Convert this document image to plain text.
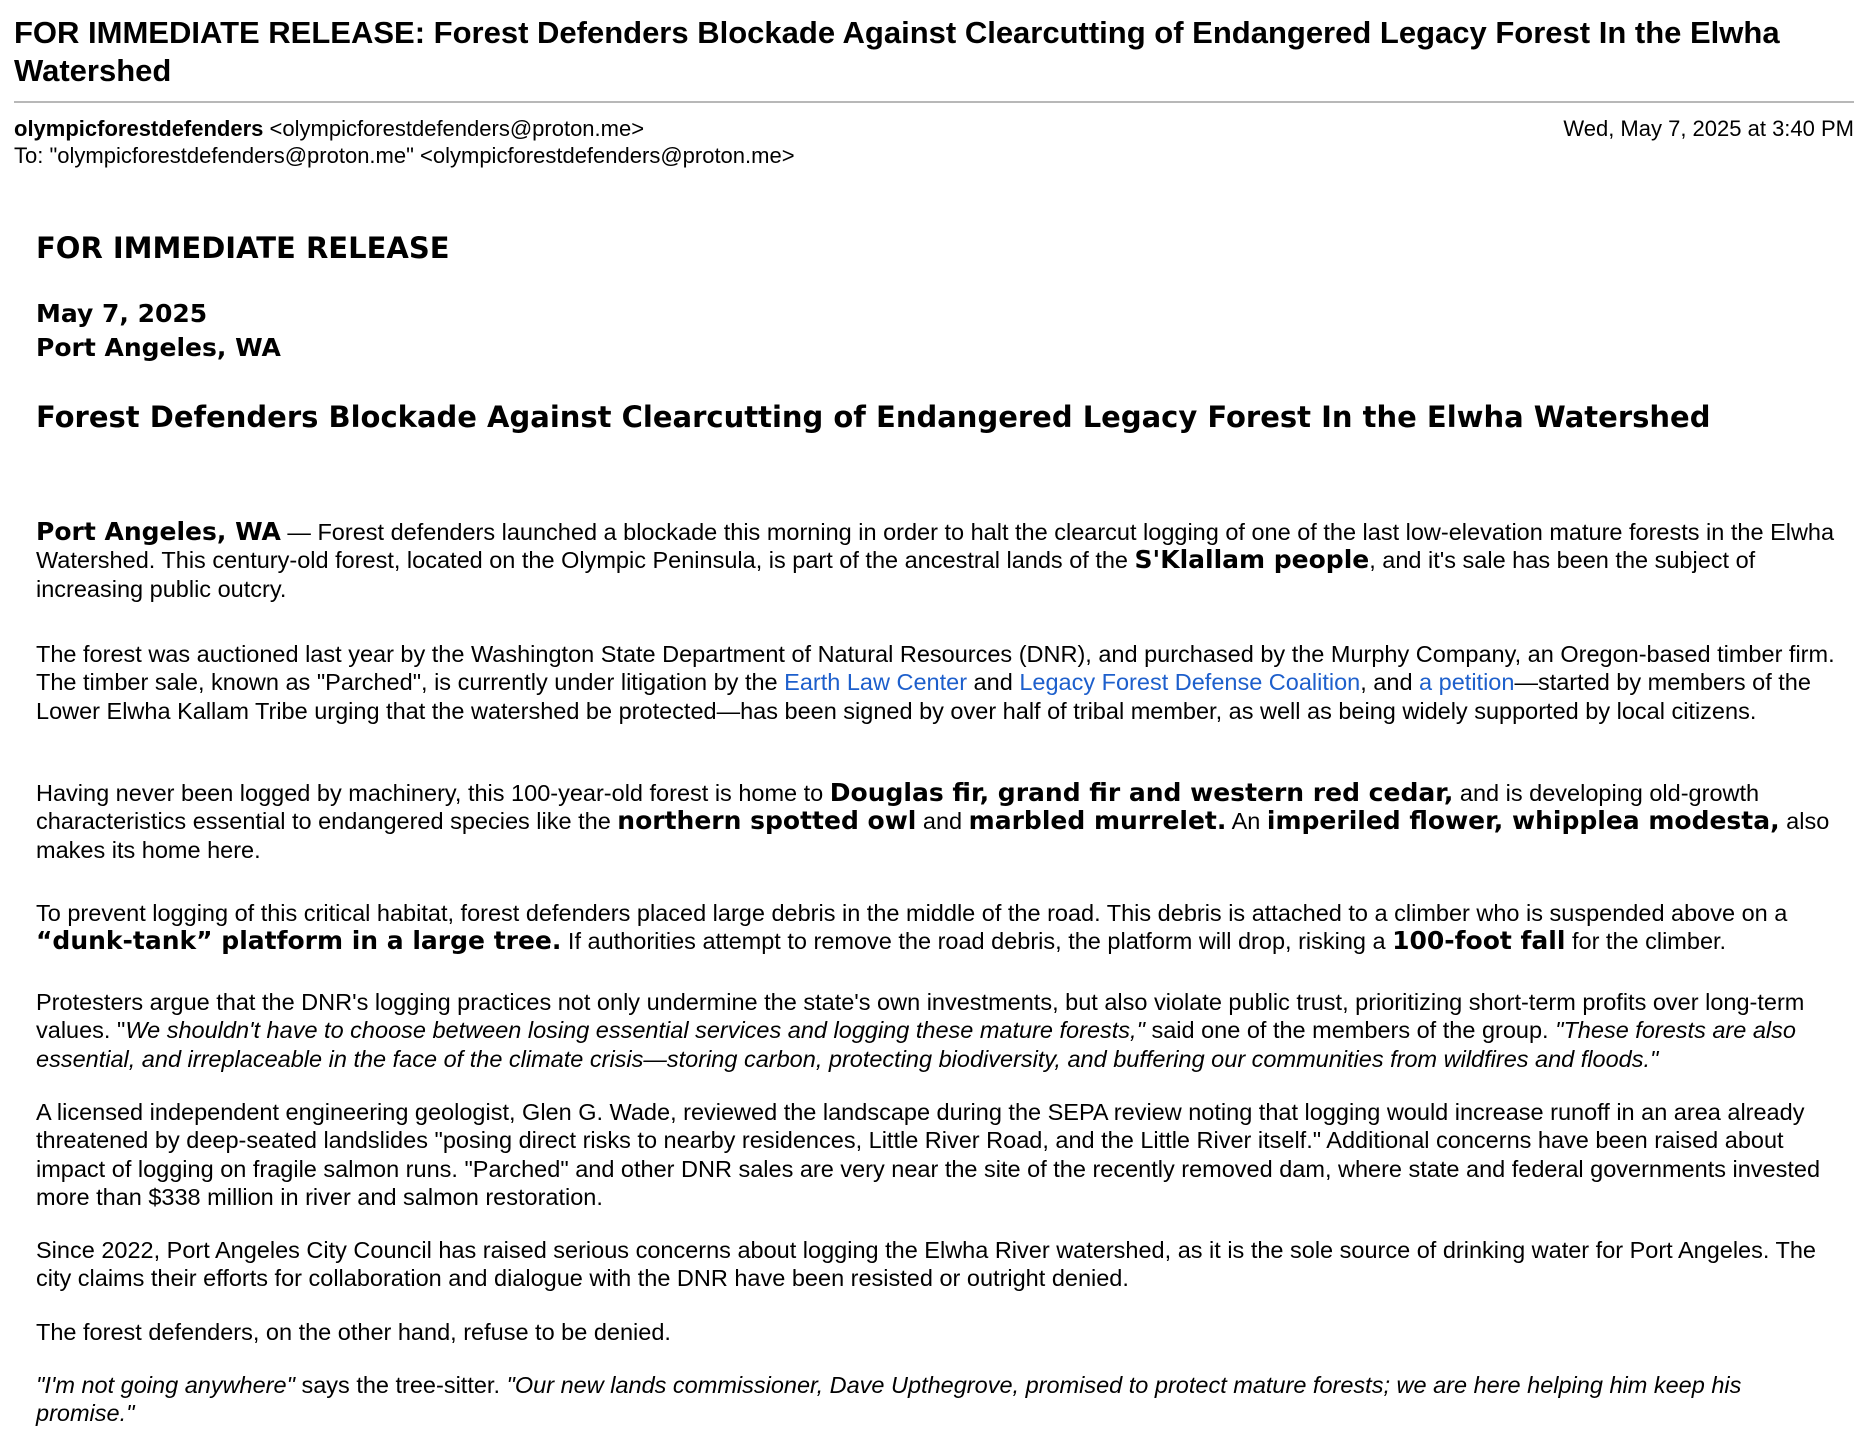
FOR IMMEDIATE RELEASE: Forest Defenders Blockade Against Clearcutting of Endangered Legacy Forest In the Elwha Watershed
olympicforestdefenders <olympicforestdefenders@proton.me>	Wed, May 7, 2025 at 3:40 PM
To: "olympicforestdefenders@proton.me" <olympicforestdefenders@proton.me>
FOR IMMEDIATE RELEASE
May 7, 2025
Port Angeles, WA
Forest Defenders Blockade Against Clearcutting of Endangered Legacy Forest In the Elwha Watershed
Port Angeles, WA — Forest defenders launched a blockade this morning in order to halt the clearcut logging of one of the last low-elevation mature forests in the Elwha Watershed. This century-old forest, located on the Olympic Peninsula, is part of the ancestral lands of the S'Klallam people, and it's sale has been the subject of increasing public outcry.
The forest was auctioned last year by the Washington State Department of Natural Resources (DNR), and purchased by the Murphy Company, an Oregon-based timber firm. The timber sale, known as "Parched", is currently under litigation by the Earth Law Center and Legacy Forest Defense Coalition, and a petition—started by members of the Lower Elwha Kallam Tribe urging that the watershed be protected—has been signed by over half of tribal member, as well as being widely supported by local citizens.
Having never been logged by machinery, this 100-year-old forest is home to Douglas fir, grand fir and western red cedar, and is developing old-growth characteristics essential to endangered species like the northern spotted owl and marbled murrelet. An imperiled flower, whipplea modesta, also makes its home here.
To prevent logging of this critical habitat, forest defenders placed large debris in the middle of the road. This debris is attached to a climber who is suspended above on a “dunk-tank” platform in a large tree. If authorities attempt to remove the road debris, the platform will drop, risking a 100-foot fall for the climber.
Protesters argue that the DNR's logging practices not only undermine the state's own investments, but also violate public trust, prioritizing short-term profits over long-term values. "We shouldn't have to choose between losing essential services and logging these mature forests," said one of the members of the group. "These forests are also essential, and irreplaceable in the face of the climate crisis—storing carbon, protecting biodiversity, and buffering our communities from wildfires and floods."
A licensed independent engineering geologist, Glen G. Wade, reviewed the landscape during the SEPA review noting that logging would increase runoff in an area already threatened by deep-seated landslides "posing direct risks to nearby residences, Little River Road, and the Little River itself." Additional concerns have been raised about impact of logging on fragile salmon runs. "Parched" and other DNR sales are very near the site of the recently removed dam, where state and federal governments invested more than $338 million in river and salmon restoration.
Since 2022, Port Angeles City Council has raised serious concerns about logging the Elwha River watershed, as it is the sole source of drinking water for Port Angeles. The city claims their efforts for collaboration and dialogue with the DNR have been resisted or outright denied.
The forest defenders, on the other hand, refuse to be denied.
"I'm not going anywhere" says the tree-sitter. "Our new lands commissioner, Dave Upthegrove, promised to protect mature forests; we are here helping him keep his promise."
